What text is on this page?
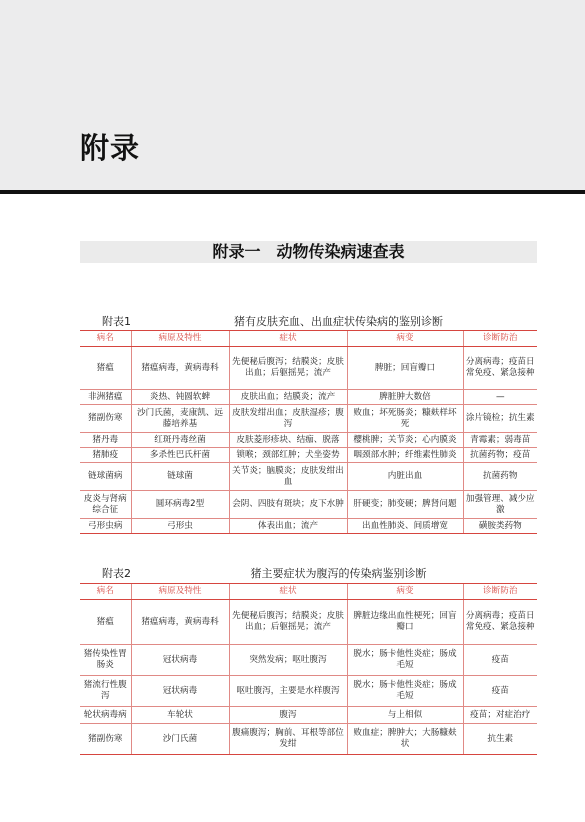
附录
附录一　动物传染病速查表
附表1	猪有皮肤充血、出血症状传染病的鉴别诊断
病名	病原及特性	症状	病变	诊断防治
猪瘟	猪瘟病毒，黄病毒科	先便秘后腹泻；结膜炎；皮肤出血；后躯摇晃；流产	脾脏；回盲瓣口	分离病毒；疫苗日常免疫、紧急接种
非洲猪瘟	炎热、钝圆软蜱	皮肤出血；结膜炎；流产	脾脏肿大数倍	—
猪副伤寒	沙门氏菌，麦康凯、远藤培养基	皮肤发绀出血；皮肤湿疹；腹泻	败血；坏死肠炎；糠麸样坏死	涂片镜检；抗生素
猪丹毒	红斑丹毒丝菌	皮肤菱形疹块、结痂、脱落	樱桃脾；关节炎；心内膜炎	青霉素；弱毒苗
猪肺疫	多杀性巴氏杆菌	锁喉；颈部红肿；犬坐姿势	咽颈部水肿；纤维素性肺炎	抗菌药物；疫苗
链球菌病	链球菌	关节炎；脑膜炎；皮肤发绀出血	内脏出血	抗菌药物
皮炎与肾病综合征	圆环病毒2型	会阴、四肢有斑块；皮下水肿	肝硬变；肺变硬；脾肾问题	加强管理、减少应激
弓形虫病	弓形虫	体表出血；流产	出血性肺炎、间质增宽	磺胺类药物
附表2	猪主要症状为腹泻的传染病鉴别诊断
病名	病原及特性	症状	病变	诊断防治
猪瘟	猪瘟病毒，黄病毒科	先便秘后腹泻；结膜炎；皮肤出血；后躯摇晃；流产	脾脏边缘出血性梗死；回盲瓣口	分离病毒；疫苗日常免疫、紧急接种
猪传染性胃肠炎	冠状病毒	突然发病；呕吐腹泻	脱水；肠卡他性炎症；肠成毛短	疫苗
猪流行性腹泻	冠状病毒	呕吐腹泻，主要是水样腹泻	脱水；肠卡他性炎症；肠成毛短	疫苗
轮状病毒病	车轮状	腹泻	与上相似	疫苗；对症治疗
猪副伤寒	沙门氏菌	腹痛腹泻；胸前、耳根等部位发绀	败血症；脾肿大；大肠糠麸状	抗生素
